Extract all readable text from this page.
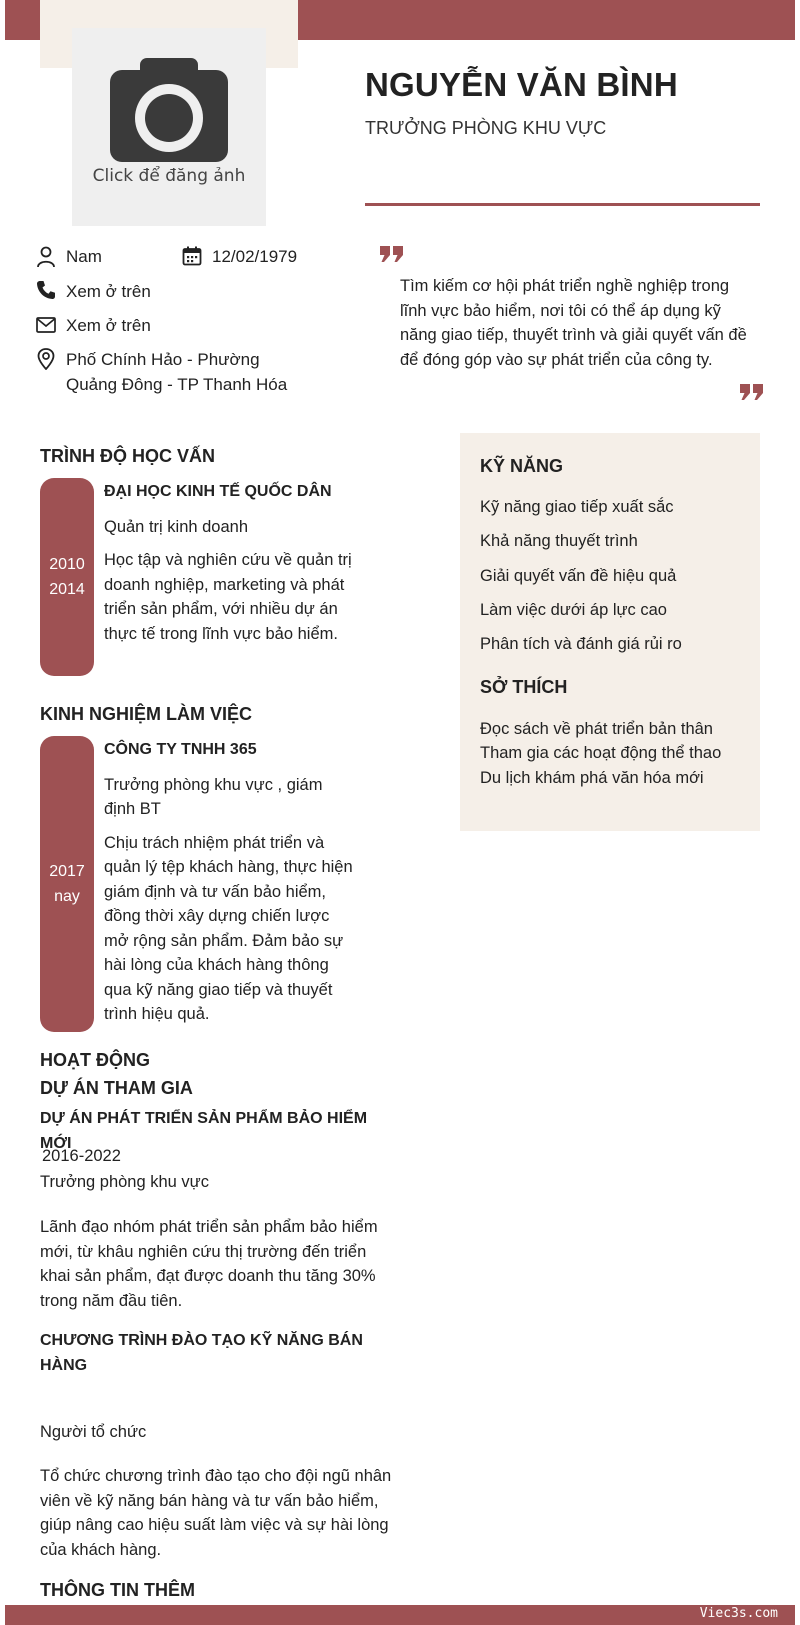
Click để đăng ảnh
NGUYỄN VĂN BÌNH
TRƯỞNG PHÒNG KHU VỰC
Nam	12/02/1979
Xem ở trên
Xem ở trên
Phố Chính Hảo - Phường
Quảng Đông - TP Thanh Hóa
Tìm kiếm cơ hội phát triển nghề nghiệp trong lĩnh vực bảo hiểm, nơi tôi có thể áp dụng kỹ năng giao tiếp, thuyết trình và giải quyết vấn đề để đóng góp vào sự phát triển của công ty.
TRÌNH ĐỘ HỌC VẤN
2010
2014
ĐẠI HỌC KINH TẾ QUỐC DÂN
Quản trị kinh doanh
Học tập và nghiên cứu về quản trị doanh nghiệp, marketing và phát triển sản phẩm, với nhiều dự án thực tế trong lĩnh vực bảo hiểm.
KINH NGHIỆM LÀM VIỆC
2017
nay
CÔNG TY TNHH 365
Trưởng phòng khu vực , giám định BT
Chịu trách nhiệm phát triển và quản lý tệp khách hàng, thực hiện giám định và tư vấn bảo hiểm, đồng thời xây dựng chiến lược mở rộng sản phẩm. Đảm bảo sự hài lòng của khách hàng thông qua kỹ năng giao tiếp và thuyết trình hiệu quả.
KỸ NĂNG
Kỹ năng giao tiếp xuất sắc
Khả năng thuyết trình
Giải quyết vấn đề hiệu quả
Làm việc dưới áp lực cao
Phân tích và đánh giá rủi ro
SỞ THÍCH
Đọc sách về phát triển bản thân
Tham gia các hoạt động thể thao
Du lịch khám phá văn hóa mới
HOẠT ĐỘNG
DỰ ÁN THAM GIA
DỰ ÁN PHÁT TRIỂN SẢN PHẨM BẢO HIỂM MỚI
2016-2022
Trưởng phòng khu vực
Lãnh đạo nhóm phát triển sản phẩm bảo hiểm mới, từ khâu nghiên cứu thị trường đến triển khai sản phẩm, đạt được doanh thu tăng 30% trong năm đầu tiên.
CHƯƠNG TRÌNH ĐÀO TẠO KỸ NĂNG BÁN HÀNG
Người tổ chức
Tổ chức chương trình đào tạo cho đội ngũ nhân viên về kỹ năng bán hàng và tư vấn bảo hiểm, giúp nâng cao hiệu suất làm việc và sự hài lòng của khách hàng.
THÔNG TIN THÊM
Viec3s.com
